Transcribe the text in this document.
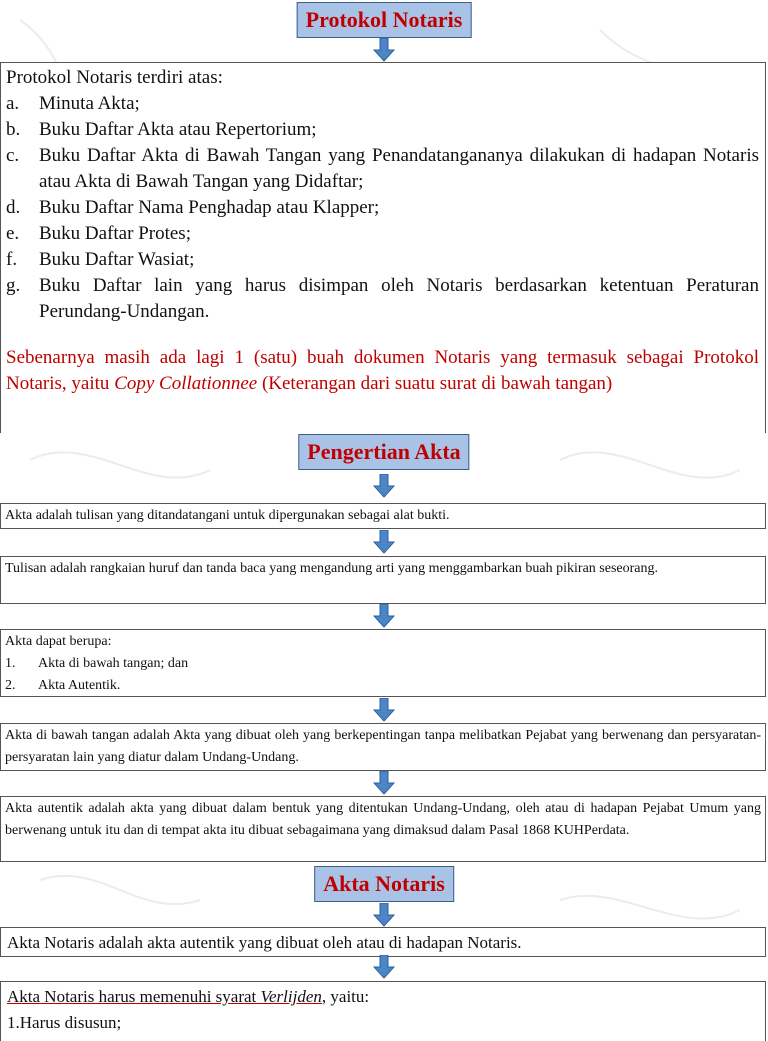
Protokol Notaris
Protokol Notaris terdiri atas:
a.	Minuta Akta;
b. Buku Daftar Akta atau Repertorium;
c.	Buku Daftar Akta di Bawah Tangan yang Penandatangananya dilakukan di hadapan Notaris atau Akta di Bawah Tangan yang Didaftar;
d. Buku Daftar Nama Penghadap atau Klapper;
e.	Buku Daftar Protes;
f.	Buku Daftar Wasiat;
g. Buku Daftar lain yang harus disimpan oleh Notaris berdasarkan ketentuan Peraturan Perundang-Undangan.
Sebenarnya masih ada lagi 1 (satu) buah dokumen Notaris yang termasuk sebagai Protokol Notaris, yaitu Copy Collationnee (Keterangan dari suatu surat di bawah tangan)
Pengertian Akta
Akta adalah tulisan yang ditandatangani untuk dipergunakan sebagai alat bukti.
Tulisan adalah rangkaian huruf dan tanda baca yang mengandung arti yang menggambarkan buah pikiran seseorang.
Akta dapat berupa:
1.	Akta di bawah tangan; dan
2.	Akta Autentik.
Akta di bawah tangan adalah Akta yang dibuat oleh yang berkepentingan tanpa melibatkan Pejabat yang berwenang dan persyaratan-persyaratan lain yang diatur dalam Undang-Undang.
Akta autentik adalah akta yang dibuat dalam bentuk yang ditentukan Undang-Undang, oleh atau di hadapan Pejabat Umum yang berwenang untuk itu dan di tempat akta itu dibuat sebagaimana yang dimaksud dalam Pasal 1868 KUHPerdata.
Akta Notaris
Akta Notaris adalah akta autentik yang dibuat oleh atau di hadapan Notaris.
Akta Notaris harus memenuhi syarat Verlijden, yaitu:
1.Harus disusun;
